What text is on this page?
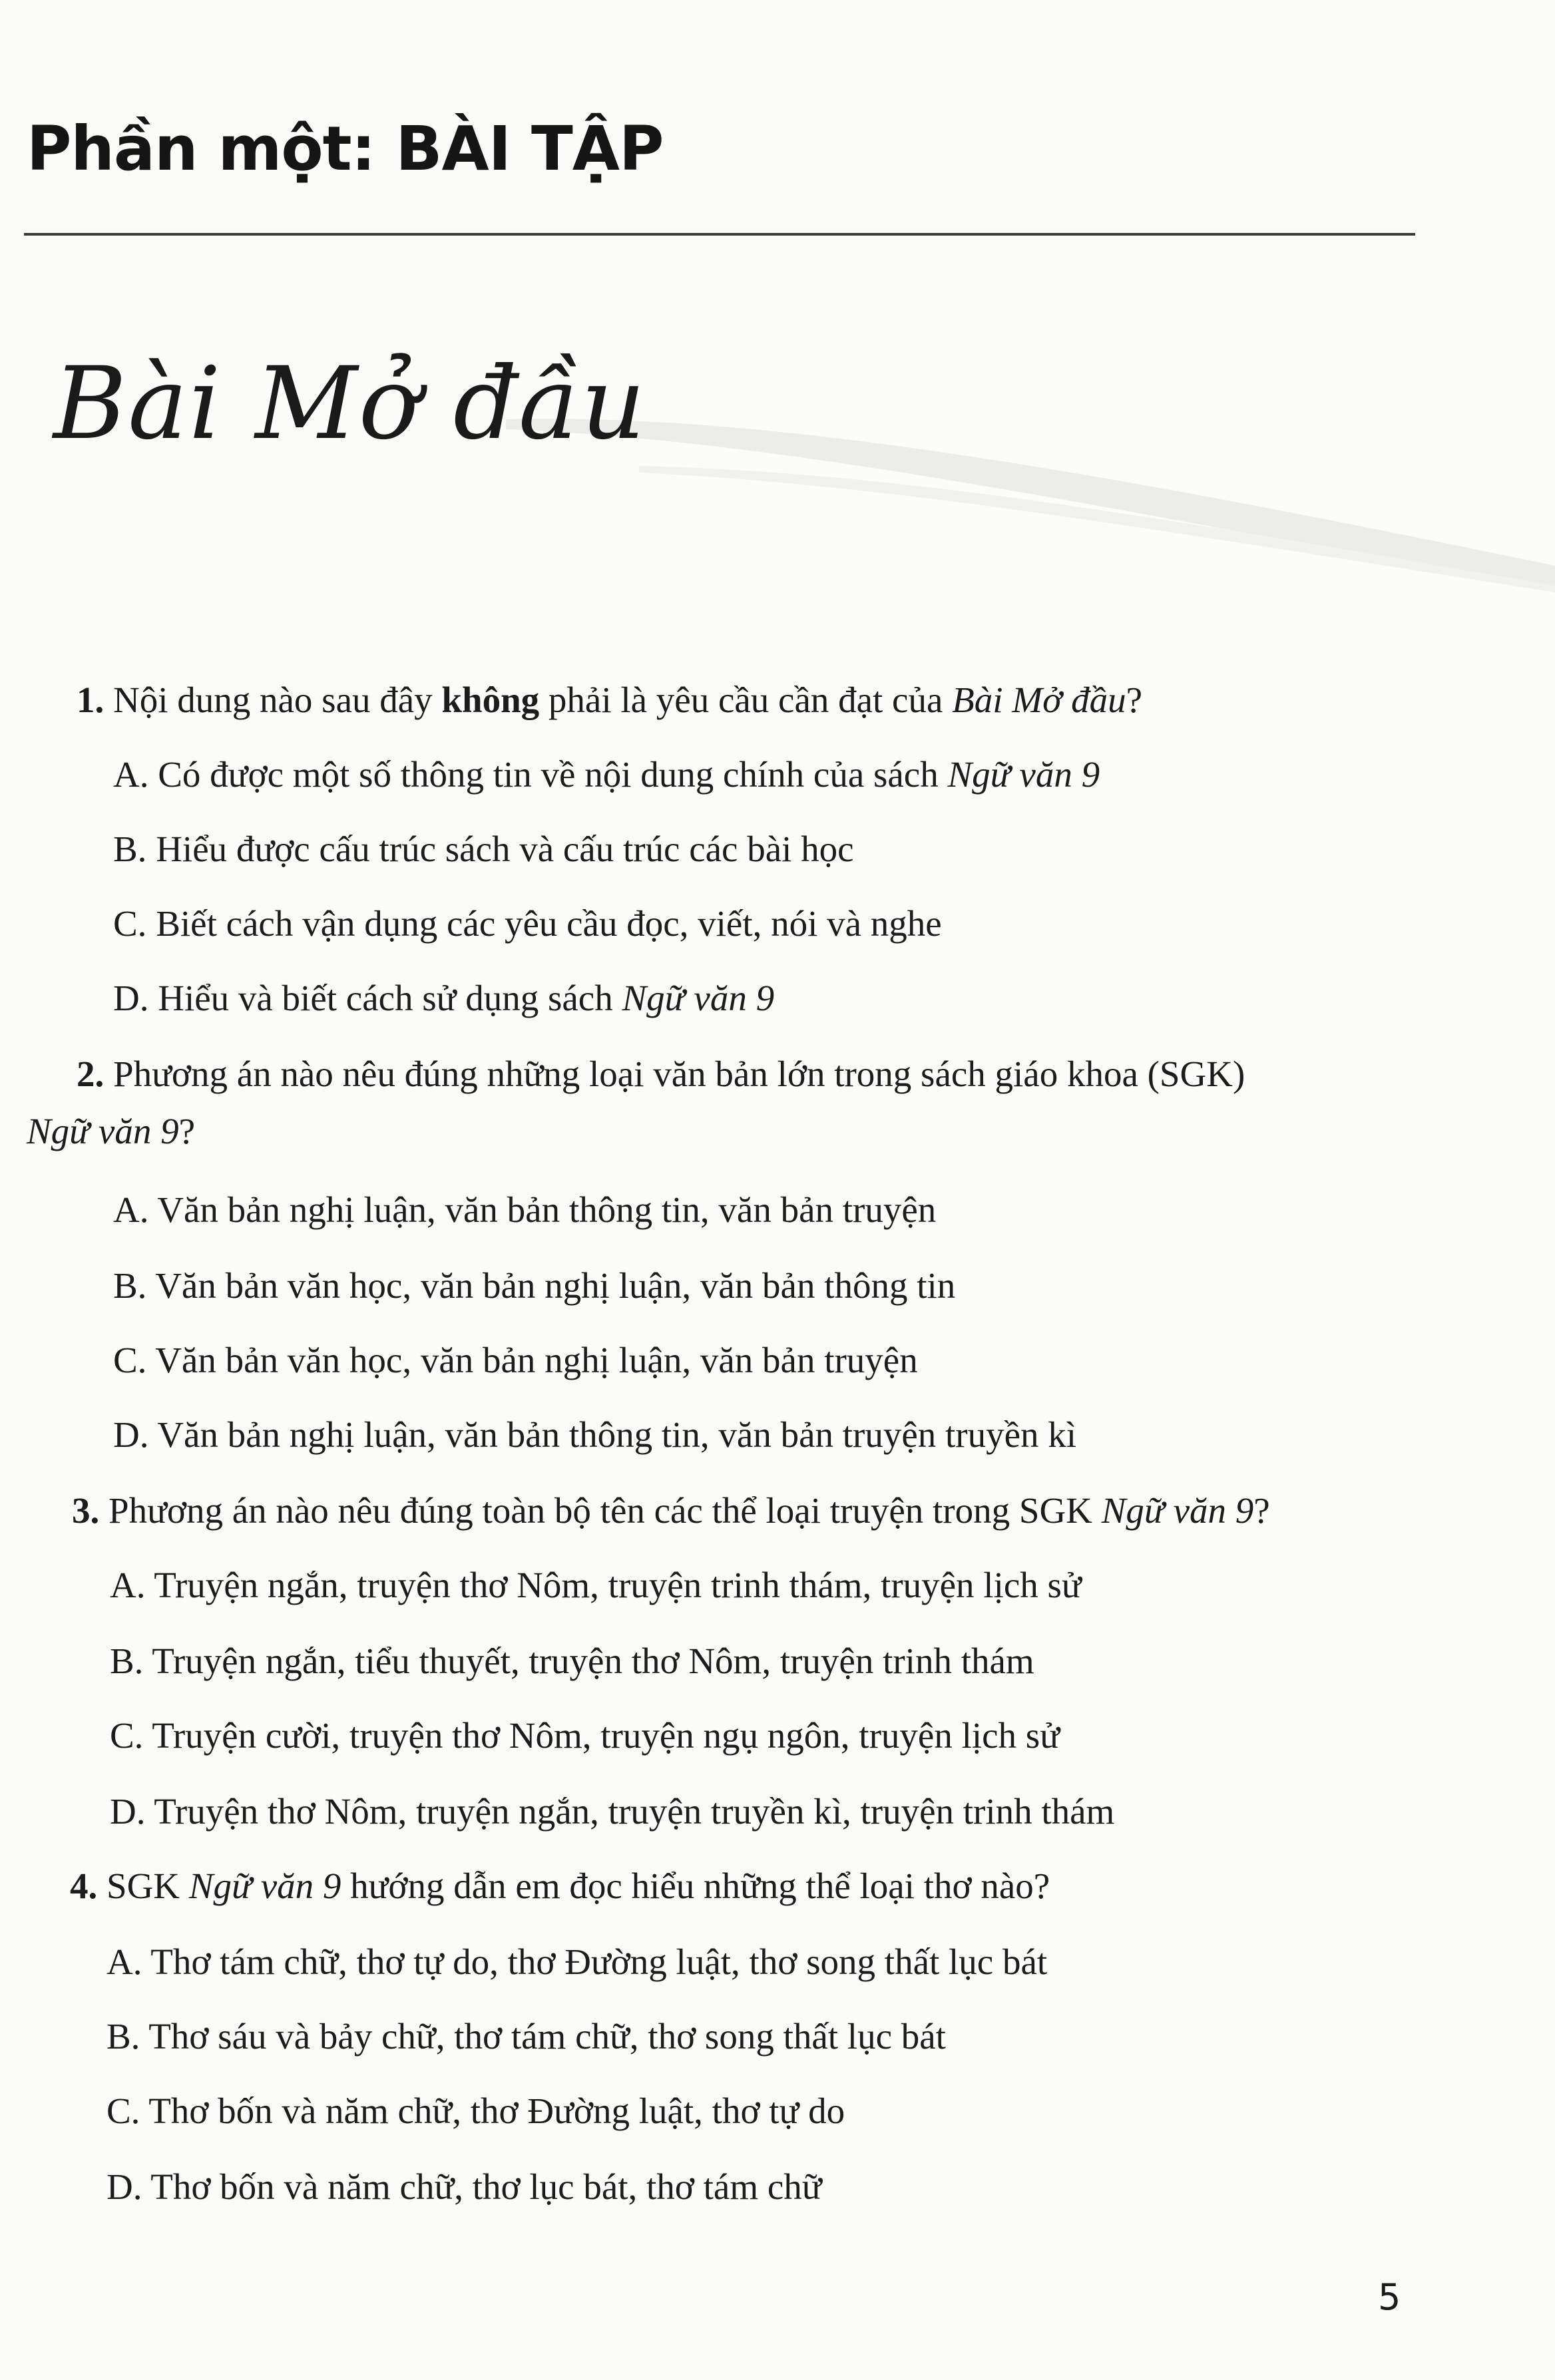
Phần một: BÀI TẬP
Bài Mở đầu
1. Nội dung nào sau đây không phải là yêu cầu cần đạt của Bài Mở đầu?
A. Có được một số thông tin về nội dung chính của sách Ngữ văn 9
B. Hiểu được cấu trúc sách và cấu trúc các bài học
C. Biết cách vận dụng các yêu cầu đọc, viết, nói và nghe
D. Hiểu và biết cách sử dụng sách Ngữ văn 9
2. Phương án nào nêu đúng những loại văn bản lớn trong sách giáo khoa (SGK)
Ngữ văn 9?
A. Văn bản nghị luận, văn bản thông tin, văn bản truyện
B. Văn bản văn học, văn bản nghị luận, văn bản thông tin
C. Văn bản văn học, văn bản nghị luận, văn bản truyện
D. Văn bản nghị luận, văn bản thông tin, văn bản truyện truyền kì
3. Phương án nào nêu đúng toàn bộ tên các thể loại truyện trong SGK Ngữ văn 9?
A. Truyện ngắn, truyện thơ Nôm, truyện trinh thám, truyện lịch sử
B. Truyện ngắn, tiểu thuyết, truyện thơ Nôm, truyện trinh thám
C. Truyện cười, truyện thơ Nôm, truyện ngụ ngôn, truyện lịch sử
D. Truyện thơ Nôm, truyện ngắn, truyện truyền kì, truyện trinh thám
4. SGK Ngữ văn 9 hướng dẫn em đọc hiểu những thể loại thơ nào?
A. Thơ tám chữ, thơ tự do, thơ Đường luật, thơ song thất lục bát
B. Thơ sáu và bảy chữ, thơ tám chữ, thơ song thất lục bát
C. Thơ bốn và năm chữ, thơ Đường luật, thơ tự do
D. Thơ bốn và năm chữ, thơ lục bát, thơ tám chữ
5
